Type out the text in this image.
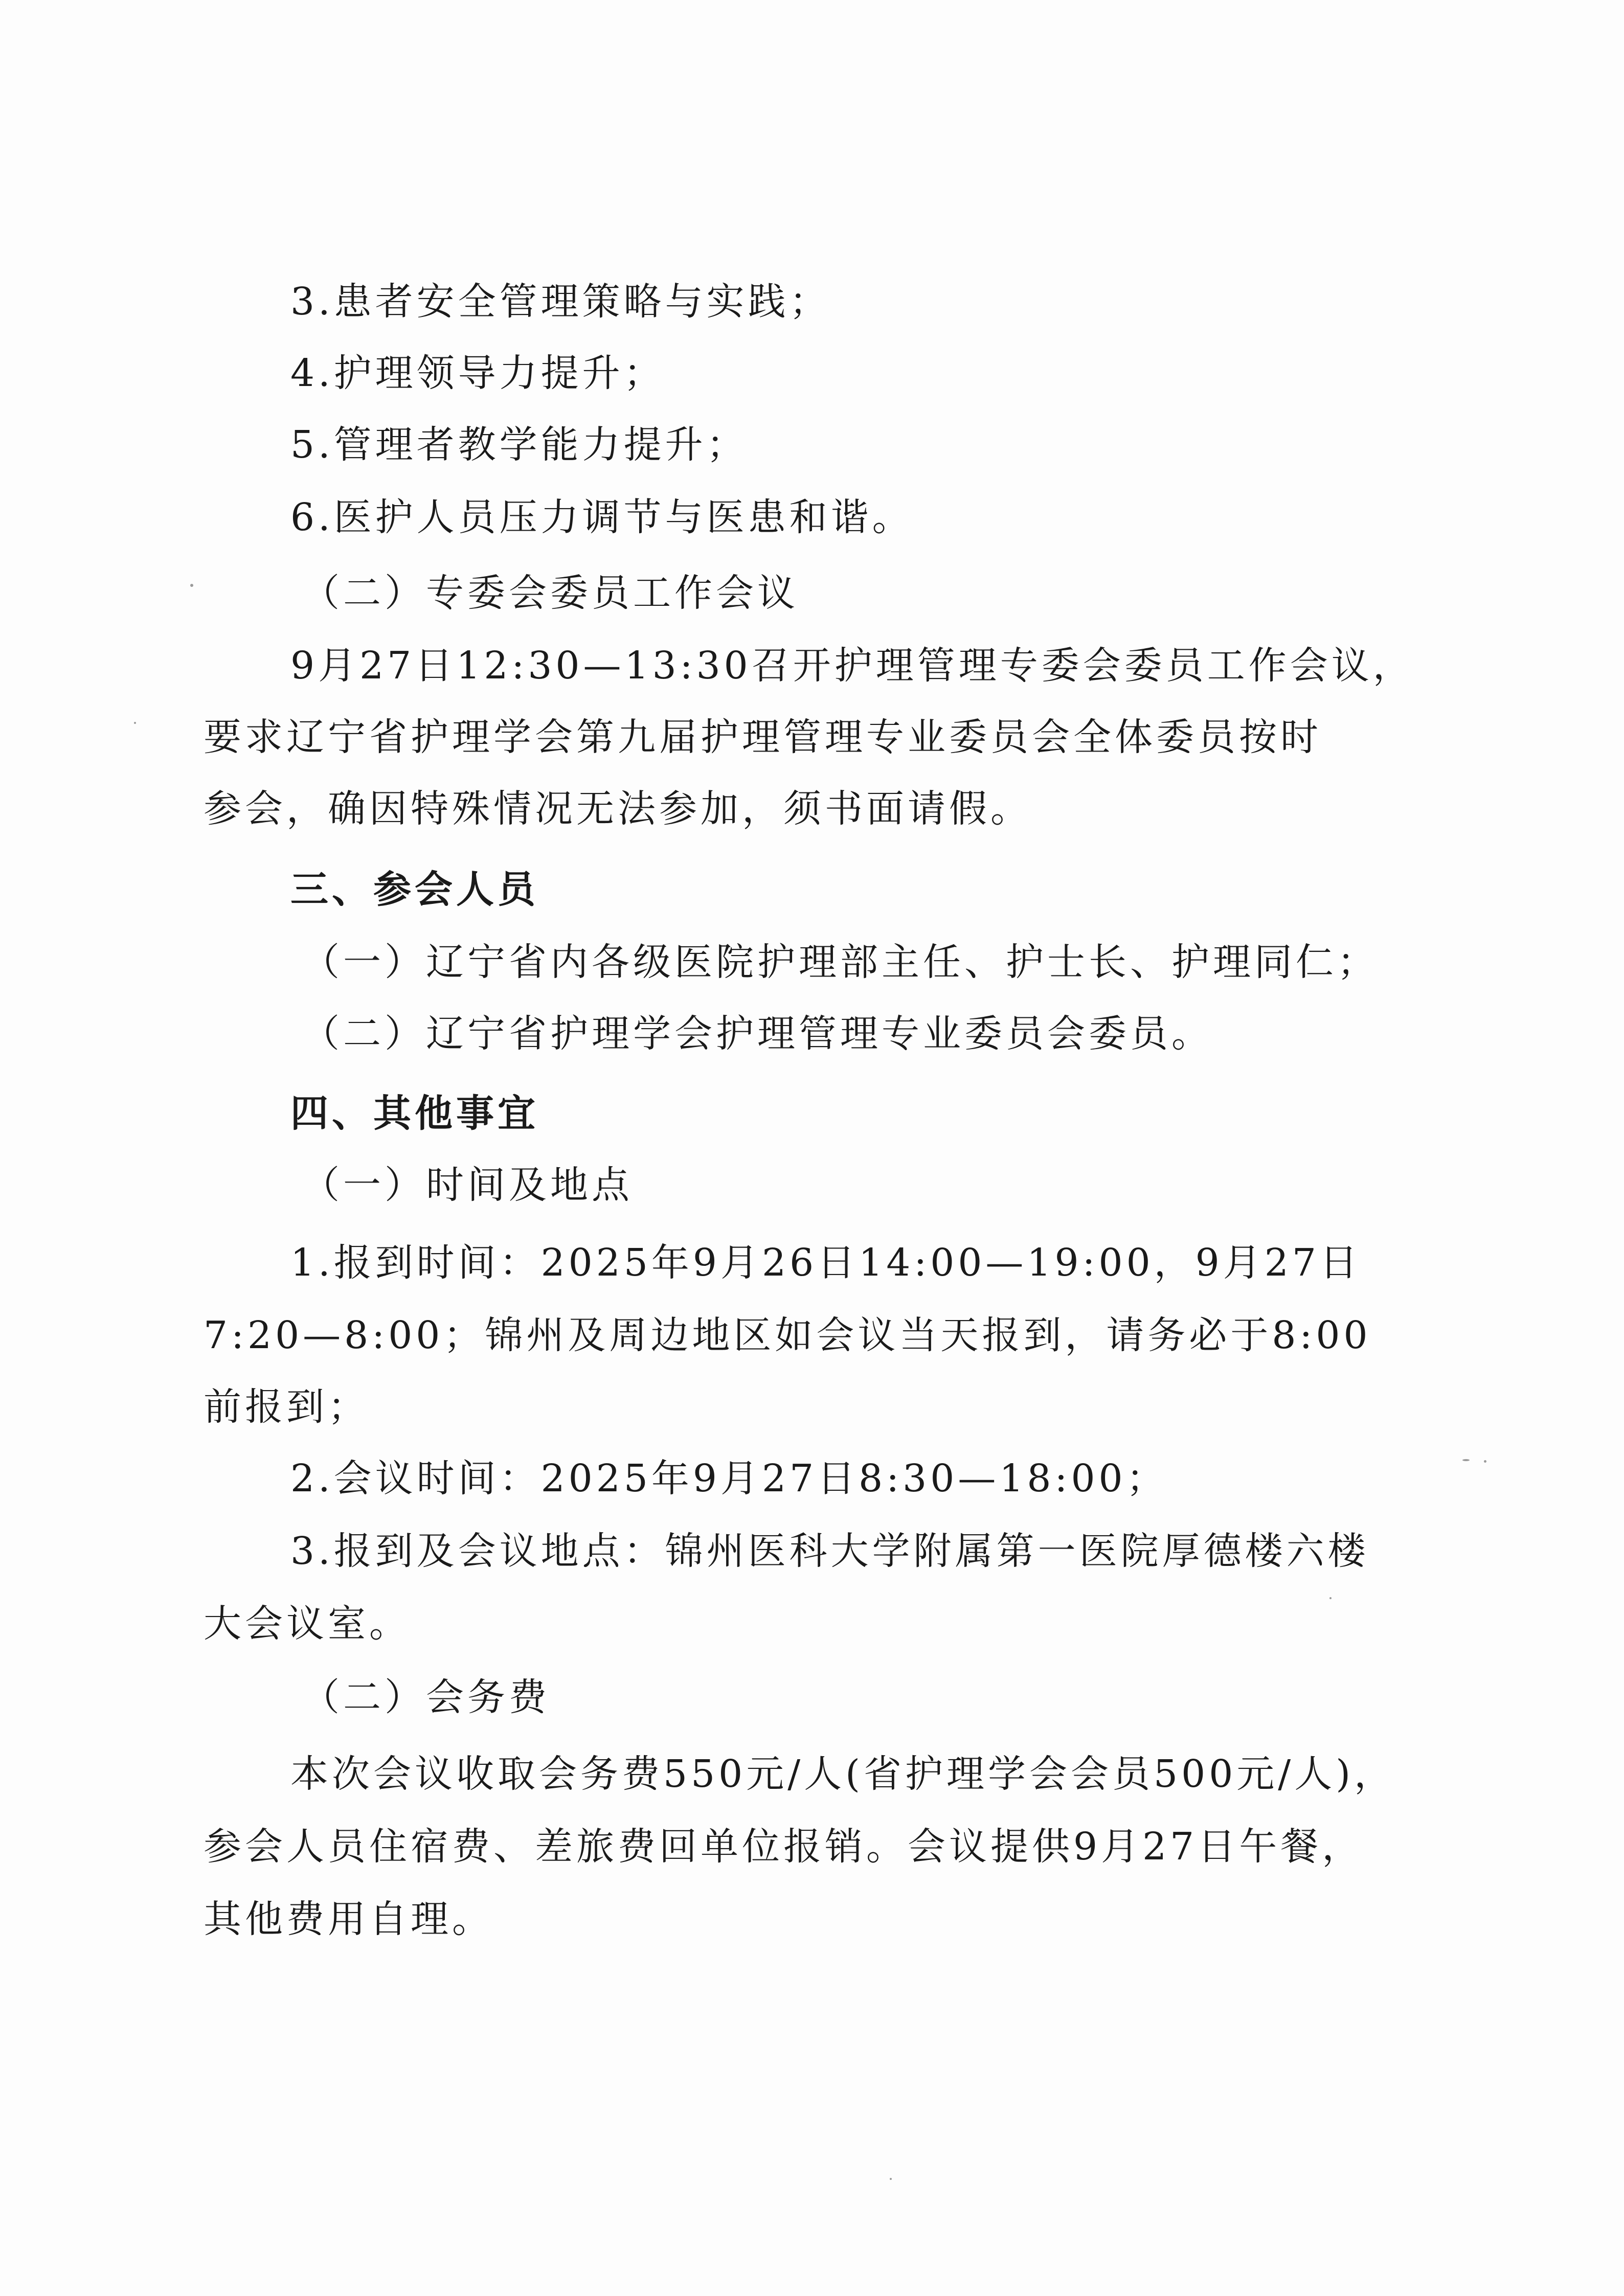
3.患者安全管理策略与实践；
4.护理领导力提升；
5.管理者教学能力提升；
6.医护人员压力调节与医患和谐。
（二）专委会委员工作会议
9月27日12:30—13:30召开护理管理专委会委员工作会议，
要求辽宁省护理学会第九届护理管理专业委员会全体委员按时
参会，确因特殊情况无法参加，须书面请假。
三、参会人员
（一）辽宁省内各级医院护理部主任、护士长、护理同仁；
（二）辽宁省护理学会护理管理专业委员会委员。
四、其他事宜
（一）时间及地点
1.报到时间：2025年9月26日14:00—19:00，9月27日
7:20—8:00；锦州及周边地区如会议当天报到，请务必于8:00
前报到；
2.会议时间：2025年9月27日8:30—18:00；
3.报到及会议地点：锦州医科大学附属第一医院厚德楼六楼
大会议室。
（二）会务费
本次会议收取会务费550元/人(省护理学会会员500元/人)，
参会人员住宿费、差旅费回单位报销。会议提供9月27日午餐，
其他费用自理。
